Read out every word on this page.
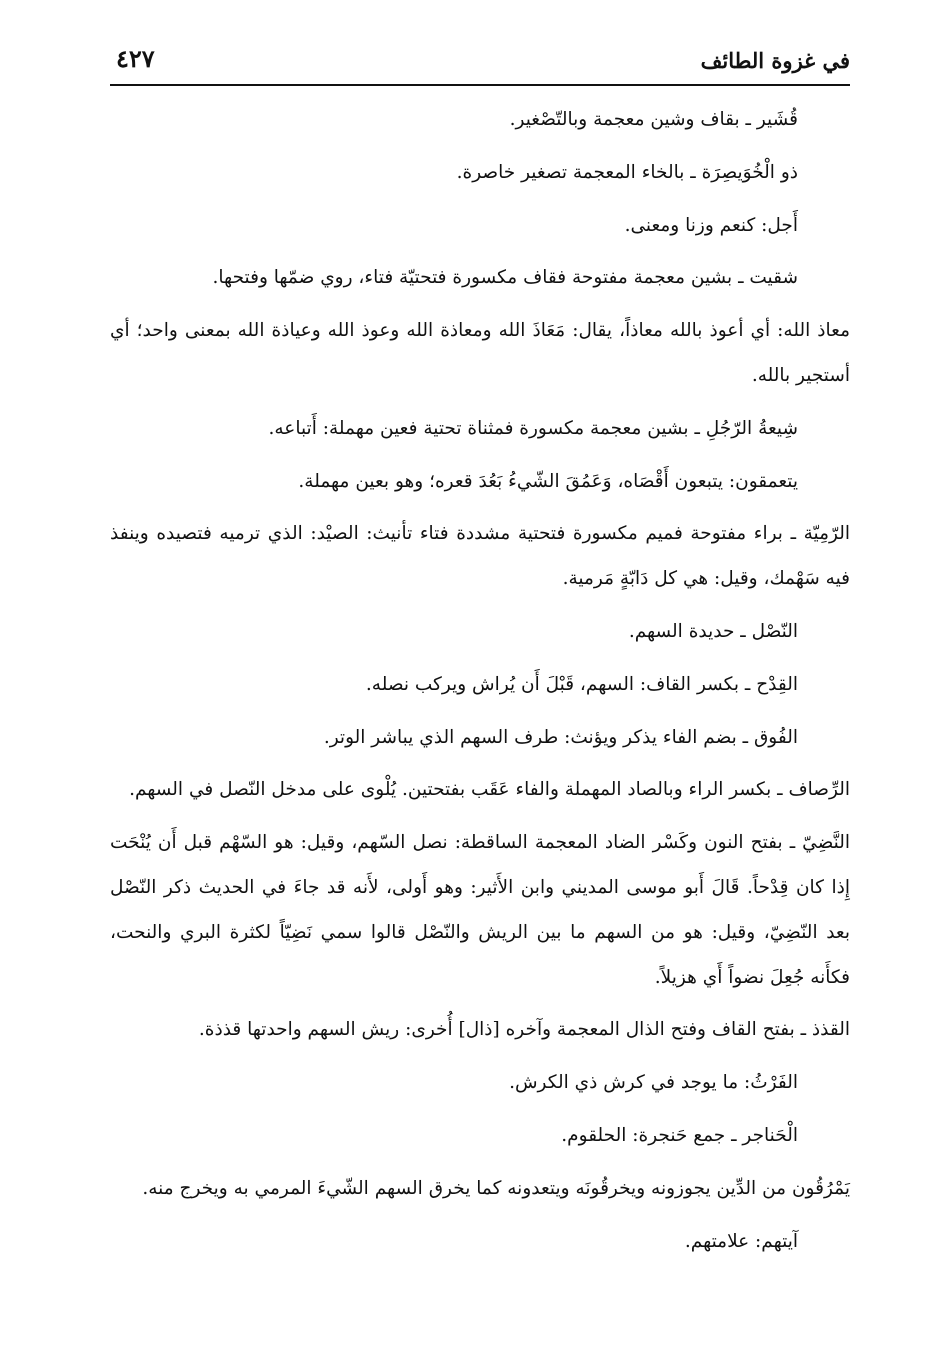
في غزوة الطائف
٤٢٧

قُشَير ـ بقاف وشين معجمة وبالتّصْغير.

ذو الْخُوَيصِرَة ـ بالخاء المعجمة تصغير خاصرة.

أَجل: كنعم وزنا ومعنى.

شقيت ـ بشين معجمة مفتوحة فقاف مكسورة فتحتيّة فتاء، روي ضمّها وفتحها.

معاذ الله: أي أعوذ بالله معاذاً، يقال: مَعَاذَ الله ومعاذة الله وعوذ الله وعياذة الله بمعنى واحد؛ أي أستجير بالله.

شِيعةُ الرّجُلِ ـ بشين معجمة مكسورة فمثناة تحتية فعين مهملة: أَتباعه.

يتعمقون: يتبعون أَقْصَاه، وَعَمُقَ الشّيءُ بَعُدَ قعره؛ وهو بعين مهملة.

الرّمِيّة ـ براء مفتوحة فميم مكسورة فتحتية مشددة فتاء تأنيث: الصيْد: الذي ترميه فتصيده وينفذ فيه سَهْمك، وقيل: هي كل دَابّةٍ مَرمية.

النّصْل ـ حديدة السهم.

القِدْح ـ بكسر القاف: السهم، قَبْلَ أَن يُراش ويركب نصله.

الفُوق ـ بضم الفاء يذكر ويؤنث: طرف السهم الذي يباشر الوتر.

الرِّصاف ـ بكسر الراء وبالصاد المهملة والفاء عَقَب بفتحتين. يُلْوى على مدخل النّصل في السهم.

النَّضِيّ ـ بفتح النون وكَسْر الضاد المعجمة الساقطة: نصل السّهم، وقيل: هو السّهْم قبل أَن يُنْحَت إِذا كان قِدْحاً. قَالَ أَبو موسى المديني وابن الأَثير: وهو أَولى، لأَنه قد جاءَ في الحديث ذكر النّصْل بعد النّضِيّ، وقيل: هو من السهم ما بين الريش والنّصْل قالوا سمي نَضِيّاً لكثرة البري والنحت، فكأَنه جُعِلَ نضواً أَي هزيلاً.

القذذ ـ بفتح القاف وفتح الذال المعجمة وآخره [ذال] أُخرى: ريش السهم واحدتها قذذة.

الفَرْثُ: ما يوجد في كرش ذي الكرش.

الْحَناجر ـ جمع حَنجرة: الحلقوم.

يَمْرُقُون من الدِّين يجوزونه ويخرقُونَه ويتعدونه كما يخرق السهم الشّيءَ المرمي به ويخرج منه.

آيتهم: علامتهم.
